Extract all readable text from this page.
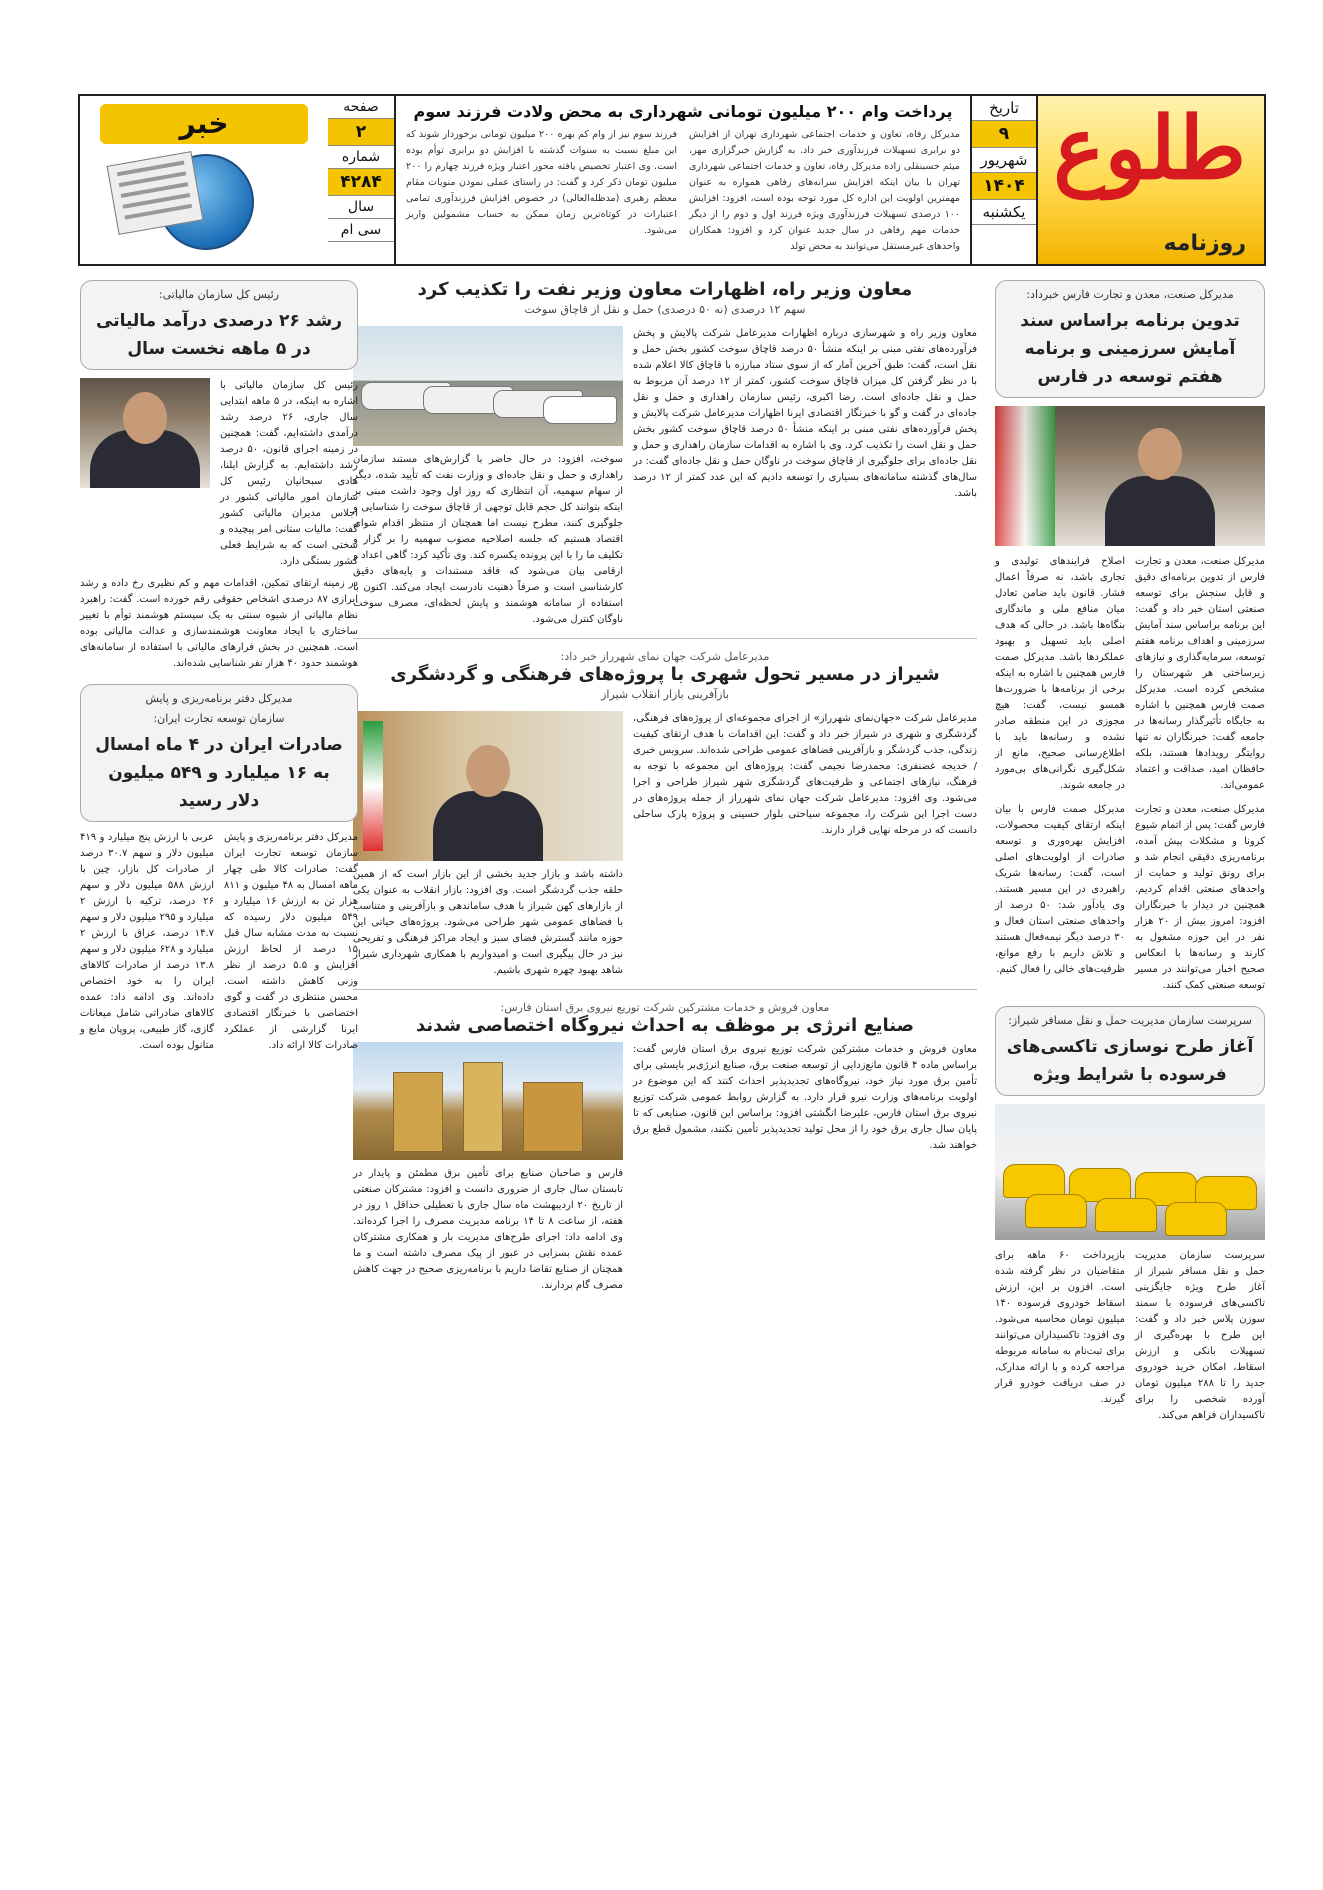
طلوع
روزنامه
تاریخ
۹
شهریور
۱۴۰۴
یکشنبه
پرداخت وام ۲۰۰ میلیون تومانی شهرداری به محض ولادت فرزند سوم

مدیرکل رفاه، تعاون و خدمات اجتماعی شهرداری تهران از افزایش دو برابری تسهیلات فرزندآوری خبر داد. به گزارش خبرگزاری مهر، میثم حسینقلی زاده مدیرکل رفاه، تعاون و خدمات اجتماعی شهرداری تهران با بیان اینکه افزایش سرانه‌های رفاهی همواره به عنوان مهمترین اولویت این اداره کل مورد توجه بوده است، افزود: افزایش ۱۰۰ درصدی تسهیلات فرزندآوری ویژه فرزند اول و دوم را از دیگر خدمات مهم رفاهی در سال جدید عنوان کرد و افزود: همکاران واحدهای غیرمستقل می‌توانند به محض تولد

فرزند سوم نیز از وام کم بهره ۲۰۰ میلیون تومانی برخوردار شوند که این مبلغ نسبت به سنوات گذشته با افزایش دو برابری توأم بوده است. وی اعتبار تخصیص یافته محور اعتبار ویژه فرزند چهارم را ۲۰۰ میلیون تومان ذکر کرد و گفت: در راستای عملی نمودن منویات مقام معظم رهبری (مدظله‌العالی) در خصوص افزایش فرزندآوری تمامی اعتبارات در کوتاه‌ترین زمان ممکن به حساب مشمولین واریز می‌شود.

صفحه
۲
شماره
۴۲۸۴
سال
سی ام
خبر
مدیرکل صنعت، معدن و تجارت فارس خبرداد:
تدوین برنامه براساس سند آمایش سرزمینی و برنامه هفتم توسعه در فارس

مدیرکل صنعت، معدن و تجارت فارس از تدوین برنامه‌ای دقیق و قابل سنجش برای توسعه صنعتی استان خبر داد و گفت: این برنامه براساس سند آمایش سرزمینی و اهداف برنامه هفتم توسعه، سرمایه‌گذاری و نیازهای زیرساختی هر شهرستان را مشخص کرده است. مدیرکل صمت فارس همچنین با اشاره به جایگاه تأثیرگذار رسانه‌ها در جامعه گفت: خبرنگاران نه تنها روایتگر رویدادها هستند، بلکه حافظان امید، صداقت و اعتماد عمومی‌اند.

اصلاح فرایندهای تولیدی و تجاری باشد، نه صرفاً اعمال فشار. قانون باید ضامن تعادل میان منافع ملی و ماندگاری بنگاه‌ها باشد. در حالی که هدف اصلی باید تسهیل و بهبود عملکردها باشد. مدیرکل صمت فارس همچنین با اشاره به اینکه برخی از برنامه‌ها با ضرورت‌ها همسو نیست، گفت: هیچ مجوزی در این منطقه صادر نشده و رسانه‌ها باید با اطلاع‌رسانی صحیح، مانع از شکل‌گیری نگرانی‌های بی‌مورد در جامعه شوند.

مدیرکل صنعت، معدن و تجارت فارس گفت: پس از اتمام شیوع کرونا و مشکلات پیش آمده، برنامه‌ریزی دقیقی انجام شد و برای رونق تولید و حمایت از واحدهای صنعتی اقدام کردیم. همچنین در دیدار با خبرنگاران افزود: امروز بیش از ۲۰ هزار نفر در این حوزه مشغول به کارند و رسانه‌ها با انعکاس صحیح اخبار می‌توانند در مسیر توسعه صنعتی کمک کنند.

مدیرکل صمت فارس با بیان اینکه ارتقای کیفیت محصولات، افزایش بهره‌وری و توسعه صادرات از اولویت‌های اصلی است، گفت: رسانه‌ها شریک راهبردی در این مسیر هستند. وی یادآور شد: ۵۰ درصد از واحدهای صنعتی استان فعال و ۳۰ درصد دیگر نیمه‌فعال هستند و تلاش داریم با رفع موانع، ظرفیت‌های خالی را فعال کنیم.

سرپرست سازمان مدیریت حمل و نقل مسافر شیراز:
آغاز طرح نوسازی تاکسی‌های فرسوده با شرایط ویژه

سرپرست سازمان مدیریت حمل و نقل مسافر شیراز از آغاز طرح ویژه جایگزینی تاکسی‌های فرسوده با سمند سوزن پلاس خبر داد و گفت: این طرح با بهره‌گیری از تسهیلات بانکی و ارزش اسقاط، امکان خرید خودروی جدید را تا ۲۸۸ میلیون تومان آورده شخصی را برای تاکسیداران فراهم می‌کند.

بازپرداخت ۶۰ ماهه برای متقاضیان در نظر گرفته شده است. افزون بر این، ارزش اسقاط خودروی فرسوده ۱۴۰ میلیون تومان محاسبه می‌شود. وی افزود: تاکسیداران می‌توانند برای ثبت‌نام به سامانه مربوطه مراجعه کرده و با ارائه مدارک، در صف دریافت خودرو قرار گیرند.

معاون وزیر راه، اظهارات معاون وزیر نفت را تکذیب کرد
سهم ۱۲ درصدی (نه ۵۰ درصدی) حمل و نقل از قاچاق سوخت

معاون وزیر راه و شهرسازی درباره اظهارات مدیرعامل شرکت پالایش و پخش فرآورده‌های نفتی مبنی بر اینکه منشأ ۵۰ درصد قاچاق سوخت کشور بخش حمل و نقل است، گفت: طبق آخرین آمار که از سوی ستاد مبارزه با قاچاق کالا اعلام شده با در نظر گرفتن کل میزان قاچاق سوخت کشور، کمتر از ۱۲ درصد آن مربوط به حمل و نقل جاده‌ای است. رضا اکبری، رئیس سازمان راهداری و حمل و نقل جاده‌ای در گفت و گو با خبرنگار اقتصادی ایرنا اظهارات مدیرعامل شرکت پالایش و پخش فرآورده‌های نفتی مبنی بر اینکه منشأ ۵۰ درصد قاچاق سوخت کشور بخش حمل و نقل است را تکذیب کرد. وی با اشاره به اقدامات سازمان راهداری و حمل و نقل جاده‌ای برای جلوگیری از قاچاق سوخت در ناوگان حمل و نقل جاده‌ای گفت: در سال‌های گذشته سامانه‌های بسیاری را توسعه دادیم که این عدد کمتر از ۱۲ درصد باشد.

سوخت، افزود: در حال حاضر با گزارش‌های مستند سازمان راهداری و حمل و نقل جاده‌ای و وزارت نفت که تأیید شده، دیگر از سهام سهمیه، آن انتظاری که روز اول وجود داشت مبنی بر اینکه بتوانند کل حجم قابل توجهی از قاچاق سوخت را شناسایی و جلوگیری کنند، مطرح نیست اما همچنان از منتظر اقدام شوای اقتصاد هستیم که جلسه اصلاحیه مصوب سهمیه را بر گزار و تکلیف ما را با این پرونده یکسره کند. وی تأکید کرد: گاهی اعداد و ارقامی بیان می‌شود که فاقد مستندات و پایه‌های دقیق کارشناسی است و صرفاً ذهنیت نادرست ایجاد می‌کند. اکنون با استفاده از سامانه هوشمند و پایش لحظه‌ای، مصرف سوخت ناوگان کنترل می‌شود.

مدیرعامل شرکت جهان نمای شهرراز خبر داد:
شیراز در مسیر تحول شهری با پروژه‌های فرهنگی و گردشگری
بازآفرینی بازار انقلاب شیراز

مدیرعامل شرکت «جهان‌نمای شهرراز» از اجرای مجموعه‌ای از پروژه‌های فرهنگی، گردشگری و شهری در شیراز خبر داد و گفت: این اقدامات با هدف ارتقای کیفیت زندگی، جذب گردشگر و بازآفرینی فضاهای عمومی طراحی شده‌اند. سرویس خبری / خدیجه غضنفری: محمدرضا نجیمی گفت: پروژه‌های این مجموعه با توجه به فرهنگ، نیازهای اجتماعی و ظرفیت‌های گردشگری شهر شیراز طراحی و اجرا می‌شود. وی افزود: مدیرعامل شرکت جهان نمای شهرراز از جمله پروژه‌های در دست اجرا این شرکت را، مجموعه سیاحتی بلوار حسینی و پروژه پارک ساحلی دانست که در مرحله نهایی قرار دارند.

داشته باشد و بازار جدید بخشی از این بازار است که از همین حلقه جذب گردشگر است. وی افزود: بازار انقلاب به عنوان یکی از بازارهای کهن شیراز با هدف ساماندهی و بازآفرینی و متناسب با فضاهای عمومی شهر طراحی می‌شود. پروژه‌های حیاتی این حوزه مانند گسترش فضای سبز و ایجاد مراکز فرهنگی و تفریحی نیز در حال پیگیری است و امیدواریم با همکاری شهرداری شیراز شاهد بهبود چهره شهری باشیم.

معاون فروش و خدمات مشترکین شرکت توزیع نیروی برق استان فارس:
صنایع انرژی بر موظف به احداث نیروگاه اختصاصی شدند

معاون فروش و خدمات مشترکین شرکت توزیع نیروی برق استان فارس گفت: براساس ماده ۴ قانون مانع‌زدایی از توسعه صنعت برق، صنایع انرژی‌بر بایستی برای تأمین برق مورد نیاز خود، نیروگاه‌های تجدیدپذیر احداث کنند که این موضوع در اولویت برنامه‌های وزارت نیرو قرار دارد. به گزارش روابط عمومی شرکت توزیع نیروی برق استان فارس، علیرضا انگشتی افزود: براساس این قانون، صنایعی که تا پایان سال جاری برق خود را از محل تولید تجدیدپذیر تأمین نکنند، مشمول قطع برق خواهند شد.

فارس و صاحبان صنایع برای تأمین برق مطمئن و پایدار در تابستان سال جاری از ضروری دانست و افزود: مشترکان صنعتی از تاریخ ۲۰ اردیبهشت ماه سال جاری با تعطیلی حداقل ۱ روز در هفته، از ساعت ۸ تا ۱۴ برنامه مدیریت مصرف را اجرا کرده‌اند. وی ادامه داد: اجرای طرح‌های مدیریت بار و همکاری مشترکان عمده نقش بسزایی در عبور از پیک مصرف داشته است و ما همچنان از صنایع تقاضا داریم با برنامه‌ریزی صحیح در جهت کاهش مصرف گام بردارند.

رئیس کل سازمان مالیاتی:
رشد ۲۶ درصدی درآمد مالیاتی در ۵ ماهه نخست سال

رئیس کل سازمان مالیاتی با اشاره به اینکه، در ۵ ماهه ابتدایی سال جاری، ۲۶ درصد رشد درآمدی داشته‌ایم، گفت: همچنین در زمینه اجرای قانون، ۵۰ درصد رشد داشته‌ایم. به گزارش ایلنا، هادی سبحانیان رئیس کل سازمان امور مالیاتی کشور در اجلاس مدیران مالیاتی کشور گفت: مالیات ستانی امر پیچیده و سختی است که به شرایط فعلی کشور بستگی دارد.

در زمینه ارتقای تمکین، اقدامات مهم و کم نظیری رخ داده و رشد ابرازی ۸۷ درصدی اشخاص حقوقی رقم خورده است. گفت: راهبرد نظام مالیاتی از شیوه سنتی به یک سیستم هوشمند توأم با تغییر ساختاری با ایجاد معاونت هوشمندسازی و عدالت مالیاتی بوده است. همچنین در بخش فرارهای مالیاتی با استفاده از سامانه‌های هوشمند حدود ۴۰ هزار نفر شناسایی شده‌اند.

مدیرکل دفتر برنامه‌ریزی و پایش
سازمان توسعه تجارت ایران:
صادرات ایران در ۴ ماه امسال به ۱۶ میلیارد و ۵۴۹ میلیون دلار رسید

مدیرکل دفتر برنامه‌ریزی و پایش سازمان توسعه تجارت ایران گفت: صادرات کالا طی چهار ماهه امسال به ۴۸ میلیون و ۸۱۱ هزار تن به ارزش ۱۶ میلیارد و ۵۴۹ میلیون دلار رسیده که نسبت به مدت مشابه سال قبل ۱۵ درصد از لحاظ ارزش افزایش و ۵.۵ درصد از نظر وزنی کاهش داشته است. محسن منتظری در گفت و گوی اختصاصی با خبرنگار اقتصادی ایرنا گزارشی از عملکرد صادرات کالا ارائه داد.

عربی با ارزش پنج میلیارد و ۴۱۹ میلیون دلار و سهم ۳۰.۷ درصد از صادرات کل بازار، چین با ارزش ۵۸۸ میلیون دلار و سهم ۲۶ درصد، ترکیه با ارزش ۲ میلیارد و ۲۹۵ میلیون دلار و سهم ۱۴.۷ درصد، عراق با ارزش ۲ میلیارد و ۶۲۸ میلیون دلار و سهم ۱۳.۸ درصد از صادرات کالاهای ایران را به خود اختصاص داده‌اند. وی ادامه داد: عمده کالاهای صادراتی شامل میعانات گازی، گاز طبیعی، پروپان مایع و متانول بوده است.
